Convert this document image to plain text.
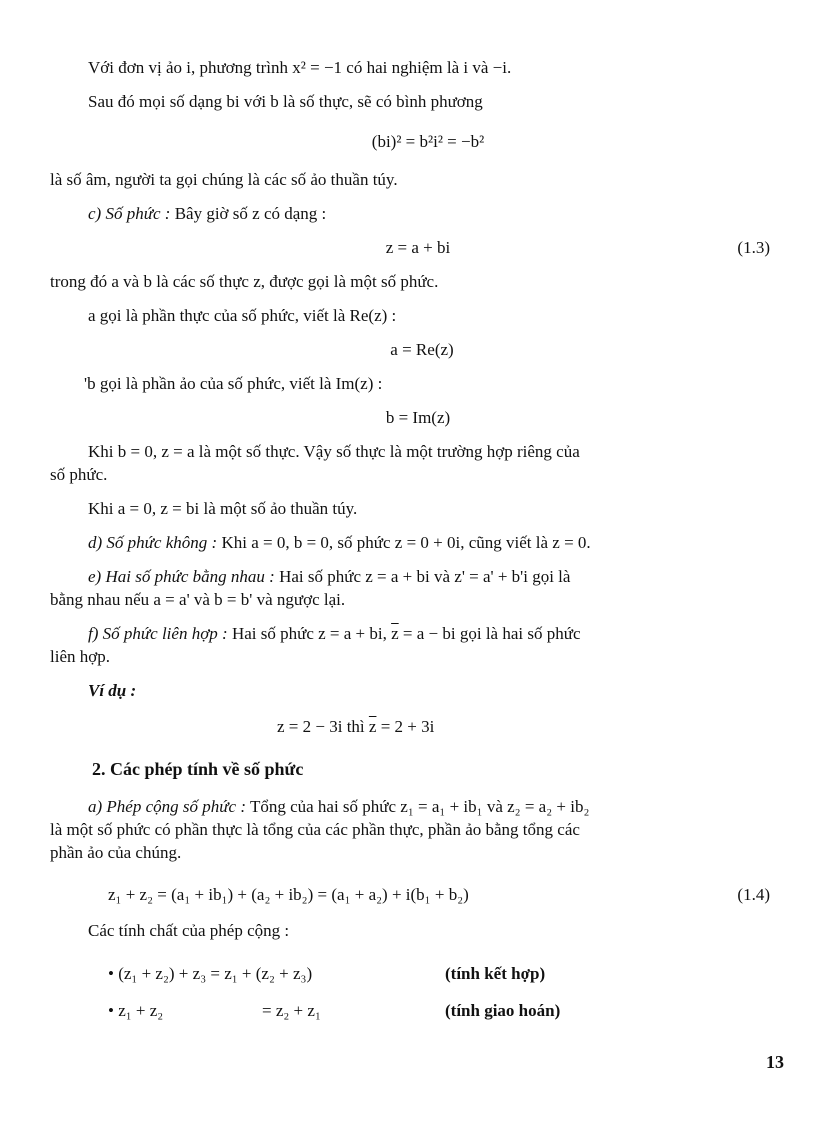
Với đơn vị ảo i, phương trình x² = −1 có hai nghiệm là i và −i.
Sau đó mọi số dạng bi với b là số thực, sẽ có bình phương
(bi)² = b²i² = −b²
là số âm, người ta gọi chúng là các số ảo thuần túy.
c) Số phức : Bây giờ số z có dạng :
z = a + bi	(1.3)
trong đó a và b là các số thực z, được gọi là một số phức.
a gọi là phần thực của số phức, viết là Re(z) :
a = Re(z)
'b gọi là phần ảo của số phức, viết là Im(z) :
b = Im(z)
Khi b = 0, z = a là một số thực. Vậy số thực là một trường hợp riêng của
số phức.
Khi a = 0, z = bi là một số ảo thuần túy.
d) Số phức không : Khi a = 0, b = 0, số phức z = 0 + 0i, cũng viết là z = 0.
e) Hai số phức bằng nhau : Hai số phức z = a + bi và z' = a' + b'i gọi là
bằng nhau nếu a = a' và b = b' và ngược lại.
f) Số phức liên hợp : Hai số phức z = a + bi, $\overline{z} = a$ − bi gọi là hai số phức
liên hợp.
Ví dụ :
z = 2 − 3i thì $\overline{z} = 2 + 3i$
2. Các phép tính về số phức
a) Phép cộng số phức : Tổng của hai số phức z₁ = a₁ + ib₁ và z₂ = a₂ + ib₂
là một số phức có phần thực là tổng của các phần thực, phần ảo bằng tổng các
phần ảo của chúng.
z₁ + z₂ = (a₁ + ib₁) + (a₂ + ib₂) = (a₁ + a₂) + i(b₁ + b₂)	(1.4)
Các tính chất của phép cộng :
• (z₁ + z₂) + z₃ = z₁ + (z₂ + z₃)	(tính kết hợp)
• z₁ + z₂	= z₂ + z₁	(tính giao hoán)
13
